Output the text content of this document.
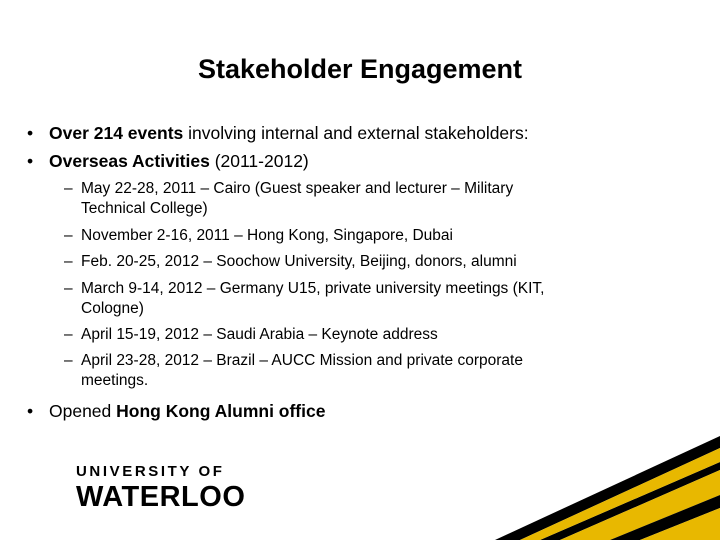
Stakeholder Engagement
• Over 214 events involving internal and external stakeholders:
• Overseas Activities (2011-2012)
– May 22-28, 2011 – Cairo (Guest speaker and lecturer – Military
Technical College)
– November 2-16, 2011 – Hong Kong, Singapore, Dubai
– Feb. 20-25, 2012 – Soochow University, Beijing, donors, alumni
– March 9-14, 2012 – Germany U15, private university meetings (KIT,
Cologne)
– April 15-19, 2012 – Saudi Arabia – Keynote address
– April 23-28, 2012 – Brazil – AUCC Mission and private corporate
meetings.
• Opened Hong Kong Alumni office
UNIVERSITY OF
WATERLOO
